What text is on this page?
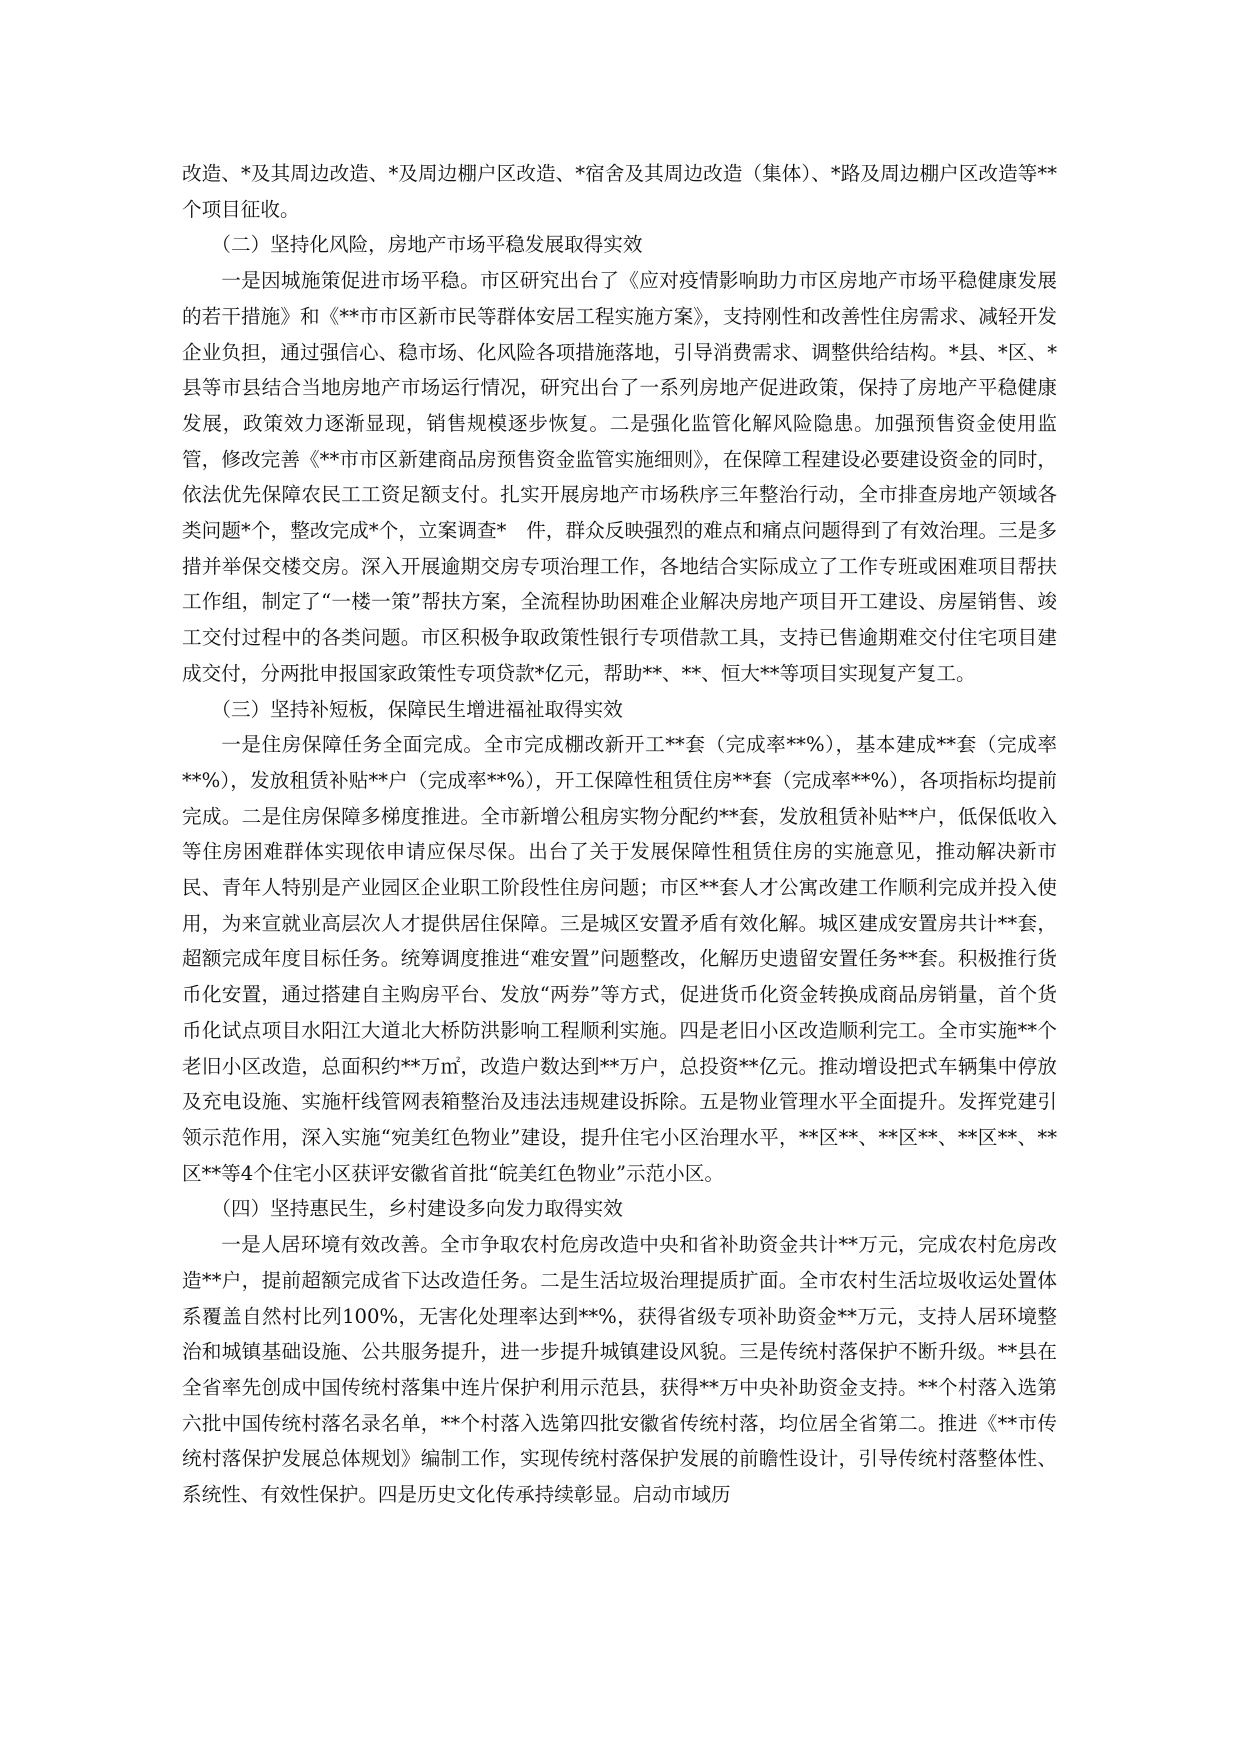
改造、*及其周边改造、*及周边棚户区改造、*宿舍及其周边改造（集体）、*路及周边棚户区改造等**个项目征收。

（二）坚持化风险，房地产市场平稳发展取得实效

一是因城施策促进市场平稳。市区研究出台了《应对疫情影响助力市区房地产市场平稳健康发展的若干措施》和《**市市区新市民等群体安居工程实施方案》，支持刚性和改善性住房需求、减轻开发企业负担，通过强信心、稳市场、化风险各项措施落地，引导消费需求、调整供给结构。*县、*区、*县等市县结合当地房地产市场运行情况，研究出台了一系列房地产促进政策，保持了房地产平稳健康发展，政策效力逐渐显现，销售规模逐步恢复。二是强化监管化解风险隐患。加强预售资金使用监管，修改完善《**市市区新建商品房预售资金监管实施细则》，在保障工程建设必要建设资金的同时，依法优先保障农民工工资足额支付。扎实开展房地产市场秩序三年整治行动，全市排查房地产领域各类问题*个，整改完成*个，立案调查*　件，群众反映强烈的难点和痛点问题得到了有效治理。三是多措并举保交楼交房。深入开展逾期交房专项治理工作，各地结合实际成立了工作专班或困难项目帮扶工作组，制定了“一楼一策”帮扶方案，全流程协助困难企业解决房地产项目开工建设、房屋销售、竣工交付过程中的各类问题。市区积极争取政策性银行专项借款工具，支持已售逾期难交付住宅项目建成交付，分两批申报国家政策性专项贷款*亿元，帮助**、**、恒大**等项目实现复产复工。

（三）坚持补短板，保障民生增进福祉取得实效

一是住房保障任务全面完成。全市完成棚改新开工**套（完成率**%），基本建成**套（完成率**%），发放租赁补贴**户（完成率**%），开工保障性租赁住房**套（完成率**%），各项指标均提前完成。二是住房保障多梯度推进。全市新增公租房实物分配约**套，发放租赁补贴**户，低保低收入等住房困难群体实现依申请应保尽保。出台了关于发展保障性租赁住房的实施意见，推动解决新市民、青年人特别是产业园区企业职工阶段性住房问题；市区**套人才公寓改建工作顺利完成并投入使用，为来宣就业高层次人才提供居住保障。三是城区安置矛盾有效化解。城区建成安置房共计**套，超额完成年度目标任务。统筹调度推进“难安置”问题整改，化解历史遗留安置任务**套。积极推行货币化安置，通过搭建自主购房平台、发放“两券”等方式，促进货币化资金转换成商品房销量，首个货币化试点项目水阳江大道北大桥防洪影响工程顺利实施。四是老旧小区改造顺利完工。全市实施**个老旧小区改造，总面积约**万㎡，改造户数达到**万户，总投资**亿元。推动增设把式车辆集中停放及充电设施、实施杆线管网表箱整治及违法违规建设拆除。五是物业管理水平全面提升。发挥党建引领示范作用，深入实施“宛美红色物业”建设，提升住宅小区治理水平，**区**、**区**、**区**、**区**等4个住宅小区获评安徽省首批“皖美红色物业”示范小区。

（四）坚持惠民生，乡村建设多向发力取得实效

一是人居环境有效改善。全市争取农村危房改造中央和省补助资金共计**万元，完成农村危房改造**户，提前超额完成省下达改造任务。二是生活垃圾治理提质扩面。全市农村生活垃圾收运处置体系覆盖自然村比列100%，无害化处理率达到**%，获得省级专项补助资金**万元，支持人居环境整治和城镇基础设施、公共服务提升，进一步提升城镇建设风貌。三是传统村落保护不断升级。**县在全省率先创成中国传统村落集中连片保护利用示范县，获得**万中央补助资金支持。**个村落入选第六批中国传统村落名录名单，**个村落入选第四批安徽省传统村落，均位居全省第二。推进《**市传统村落保护发展总体规划》编制工作，实现传统村落保护发展的前瞻性设计，引导传统村落整体性、系统性、有效性保护。四是历史文化传承持续彰显。启动市域历
